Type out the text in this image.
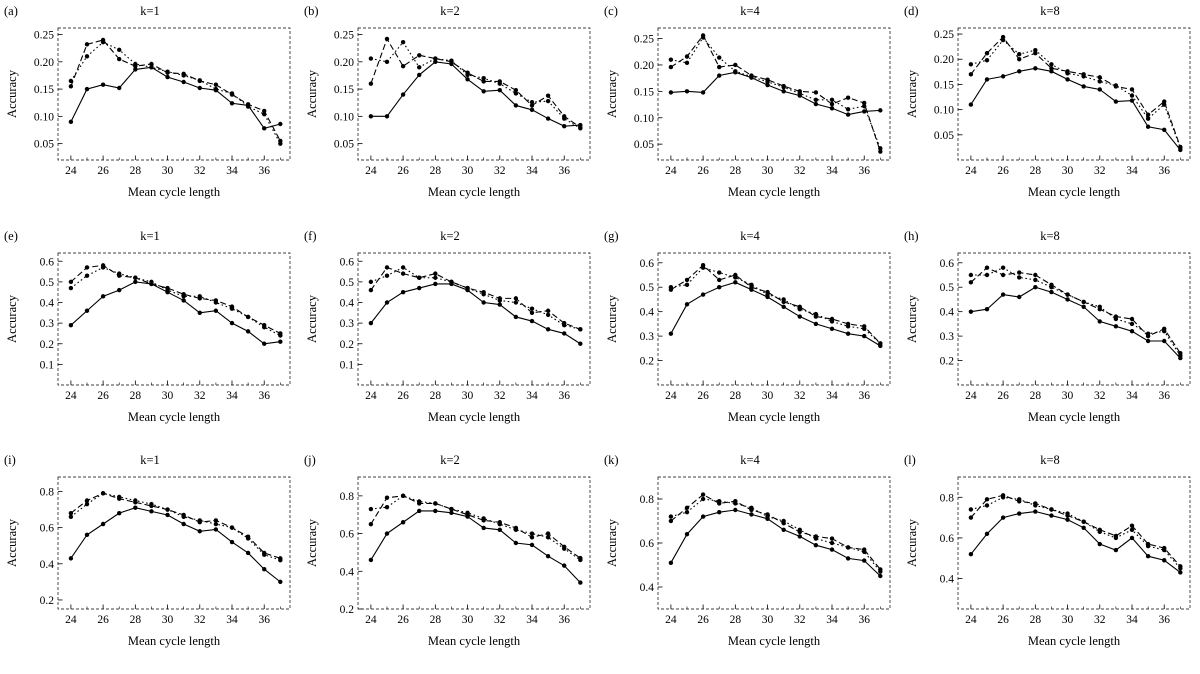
(a)	k=1
24 26 28 30 32 34 36
0.05
0.10
0.15
0.20
0.25
Accuracy
Mean cycle length
(b)	k=2
24 26 28 30 32 34 36
0.05
0.10
0.15
0.20
0.25
Accuracy
Mean cycle length
(c)	k=4
24 26 28 30 32 34 36
0.05
0.10
0.15
0.20
0.25
Accuracy
Mean cycle length
(d)	k=8
24 26 28 30 32 34 36
0.05
0.10
0.15
0.20
0.25
Accuracy
Mean cycle length
(e)	k=1
24 26 28 30 32 34 36
0.1
0.2
0.3
0.4
0.5
0.6
Accuracy
Mean cycle length
(f)	k=2
24 26 28 30 32 34 36
0.1
0.2
0.3
0.4
0.5
0.6
Accuracy
Mean cycle length
(g)	k=4
24 26 28 30 32 34 36
0.2
0.3
0.4
0.5
0.6
Accuracy
Mean cycle length
(h)	k=8
24 26 28 30 32 34 36
0.2
0.3
0.4
0.5
0.6
Accuracy
Mean cycle length
(i)	k=1
24 26 28 30 32 34 36
0.2
0.4
0.6
0.8
Accuracy
Mean cycle length
(j)	k=2
24 26 28 30 32 34 36
0.2
0.4
0.6
0.8
Accuracy
Mean cycle length
(k)	k=4
24 26 28 30 32 34 36
0.4
0.6
0.8
Accuracy
Mean cycle length
(l)	k=8
24 26 28 30 32 34 36
0.4
0.6
0.8
Accuracy
Mean cycle length
